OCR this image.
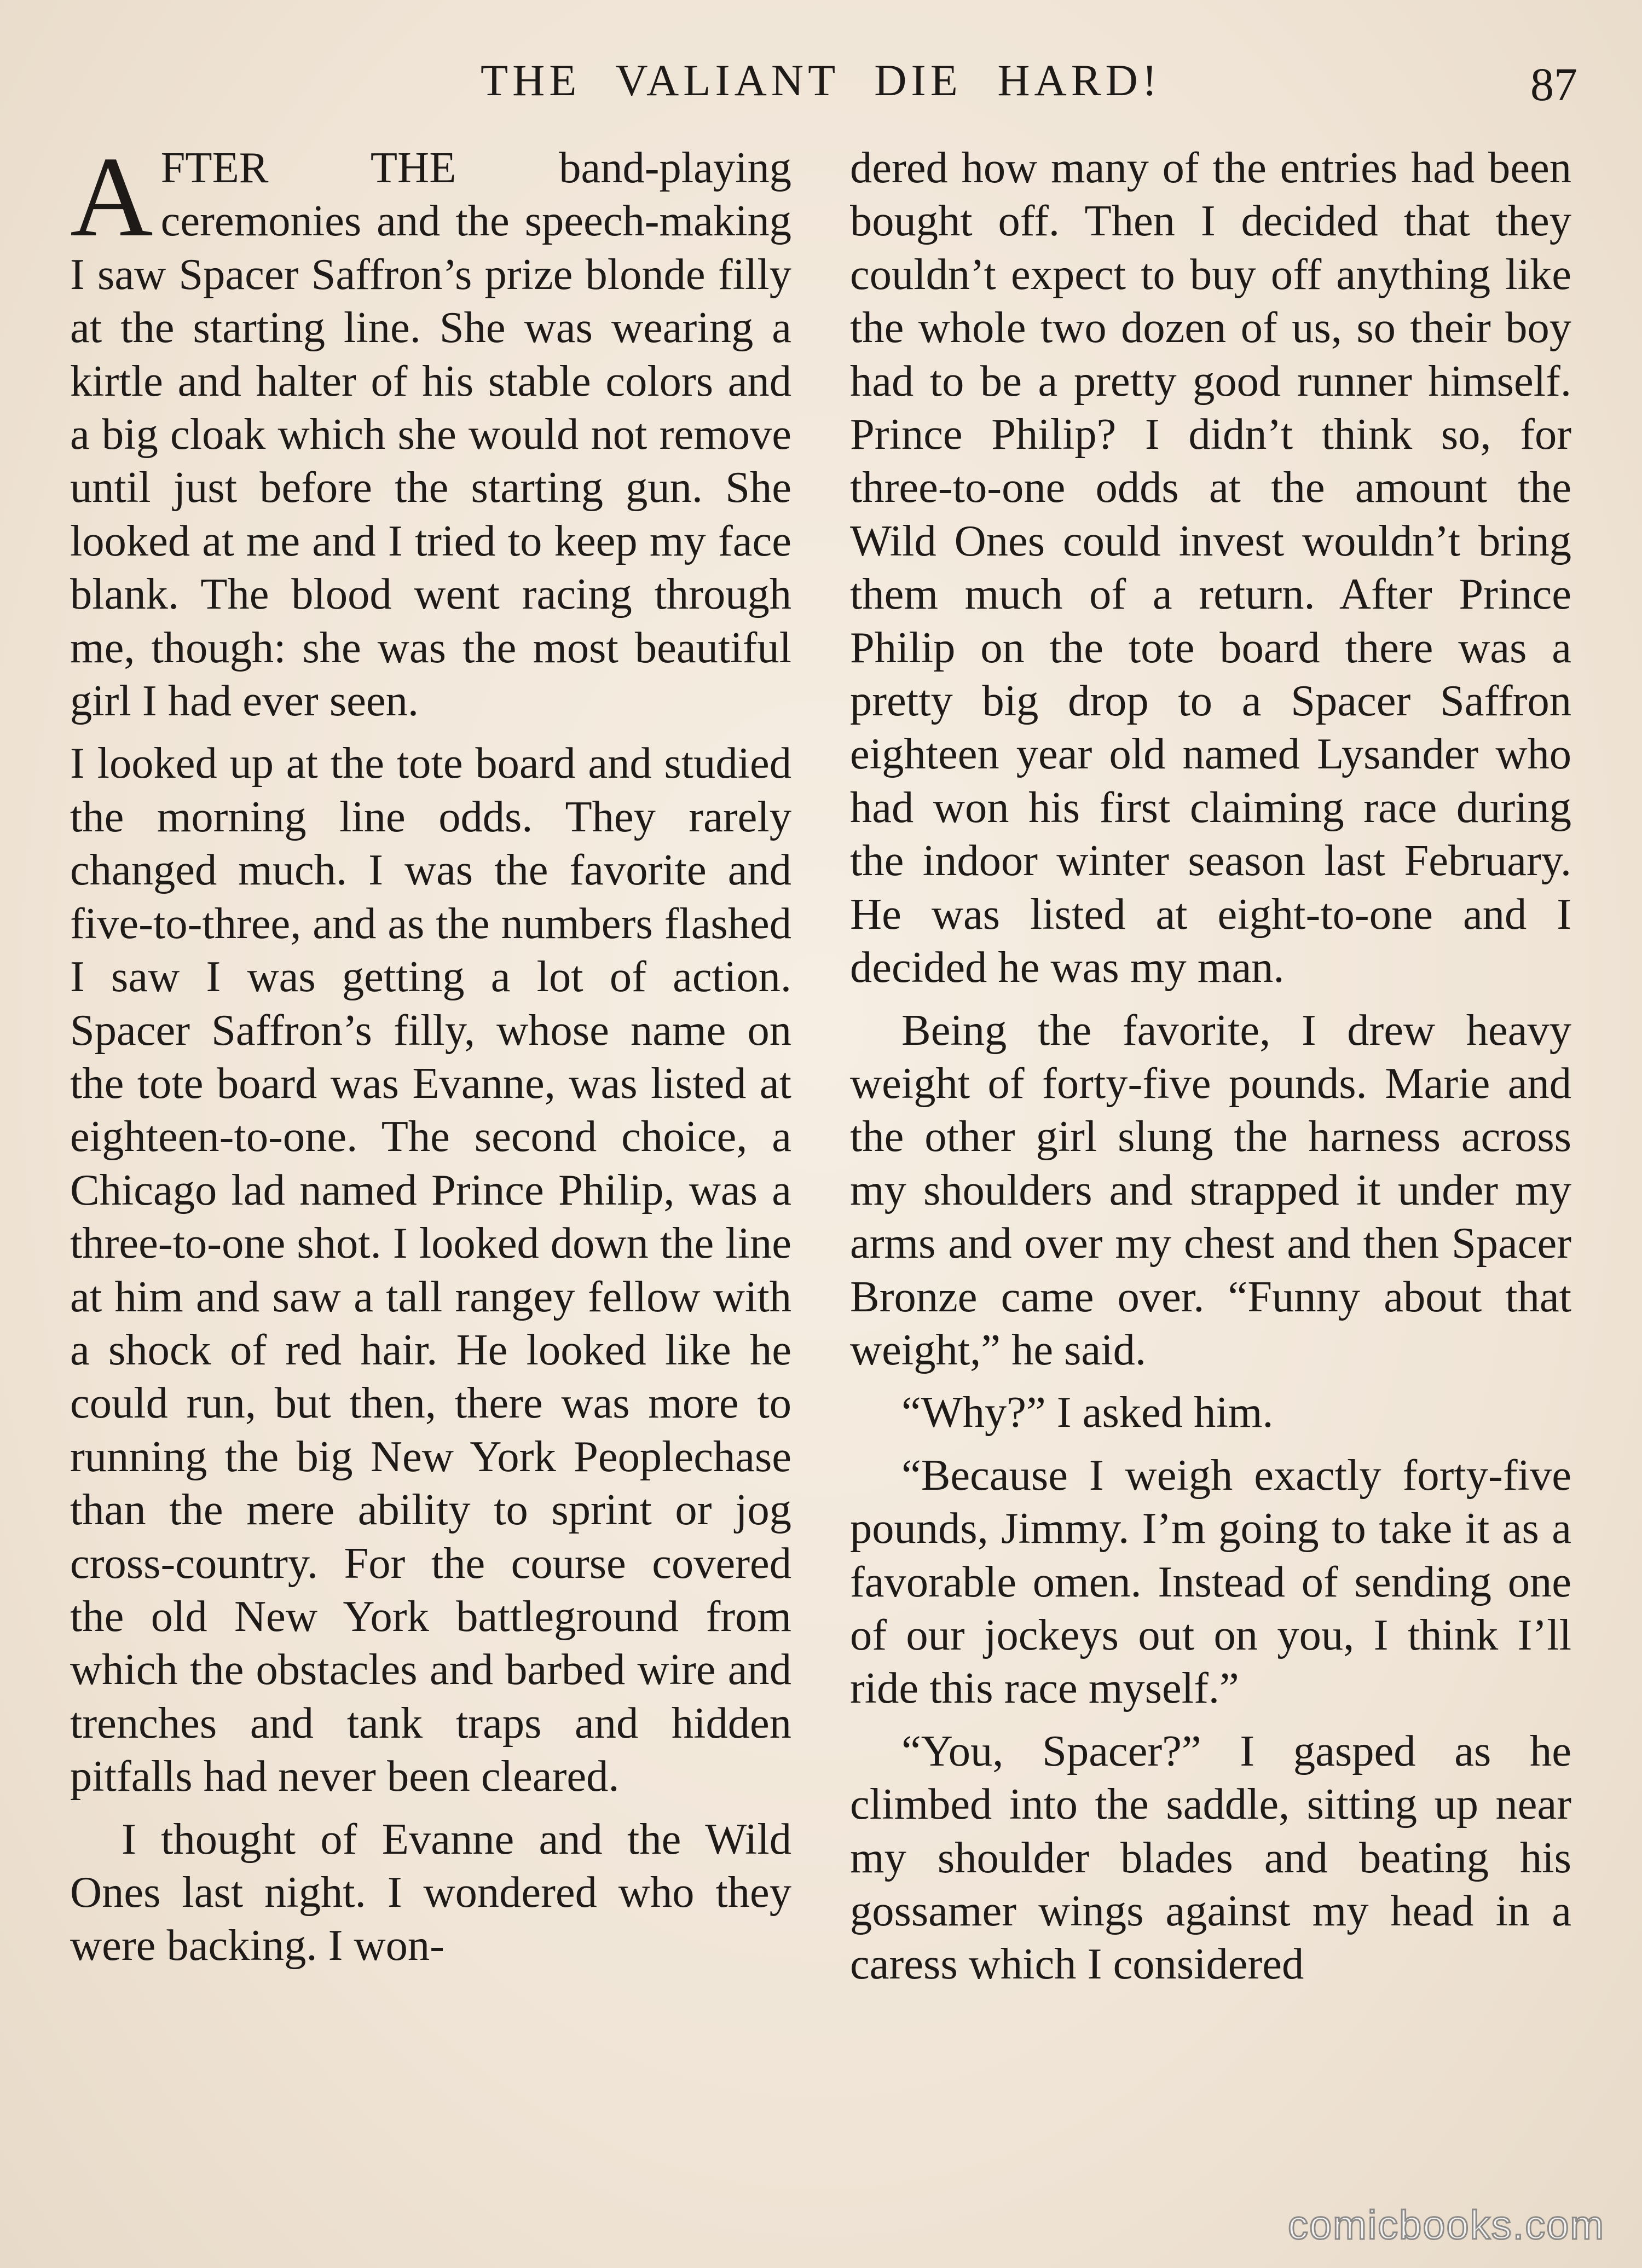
THE VALIANT DIE HARD!	87

AFTER THE band-playing ceremonies and the speech-making I saw Spacer Saffron’s prize blonde filly at the starting line. She was wearing a kirtle and halter of his stable colors and a big cloak which she would not remove until just before the starting gun. She looked at me and I tried to keep my face blank. The blood went racing through me, though: she was the most beautiful girl I had ever seen.

I looked up at the tote board and studied the morning line odds. They rarely changed much. I was the favorite and five-to-three, and as the numbers flashed I saw I was getting a lot of action. Spacer Saffron’s filly, whose name on the tote board was Evanne, was listed at eighteen-to-one. The second choice, a Chicago lad named Prince Philip, was a three-to-one shot. I looked down the line at him and saw a tall rangey fellow with a shock of red hair. He looked like he could run, but then, there was more to running the big New York Peoplechase than the mere ability to sprint or jog cross-country. For the course covered the old New York battleground from which the obstacles and barbed wire and trenches and tank traps and hidden pitfalls had never been cleared.

I thought of Evanne and the Wild Ones last night. I wondered who they were backing. I won-

dered how many of the entries had been bought off. Then I decided that they couldn’t expect to buy off anything like the whole two dozen of us, so their boy had to be a pretty good runner himself. Prince Philip? I didn’t think so, for three-to-one odds at the amount the Wild Ones could invest wouldn’t bring them much of a return. After Prince Philip on the tote board there was a pretty big drop to a Spacer Saffron eighteen year old named Lysander who had won his first claiming race during the indoor winter season last February. He was listed at eight-to-one and I decided he was my man.

Being the favorite, I drew heavy weight of forty-five pounds. Marie and the other girl slung the harness across my shoulders and strapped it under my arms and over my chest and then Spacer Bronze came over. “Funny about that weight,” he said.

“Why?” I asked him.

“Because I weigh exactly forty-five pounds, Jimmy. I’m going to take it as a favorable omen. Instead of sending one of our jockeys out on you, I think I’ll ride this race myself.”

“You, Spacer?” I gasped as he climbed into the saddle, sitting up near my shoulder blades and beating his gossamer wings against my head in a caress which I considered

comicbooks.com
